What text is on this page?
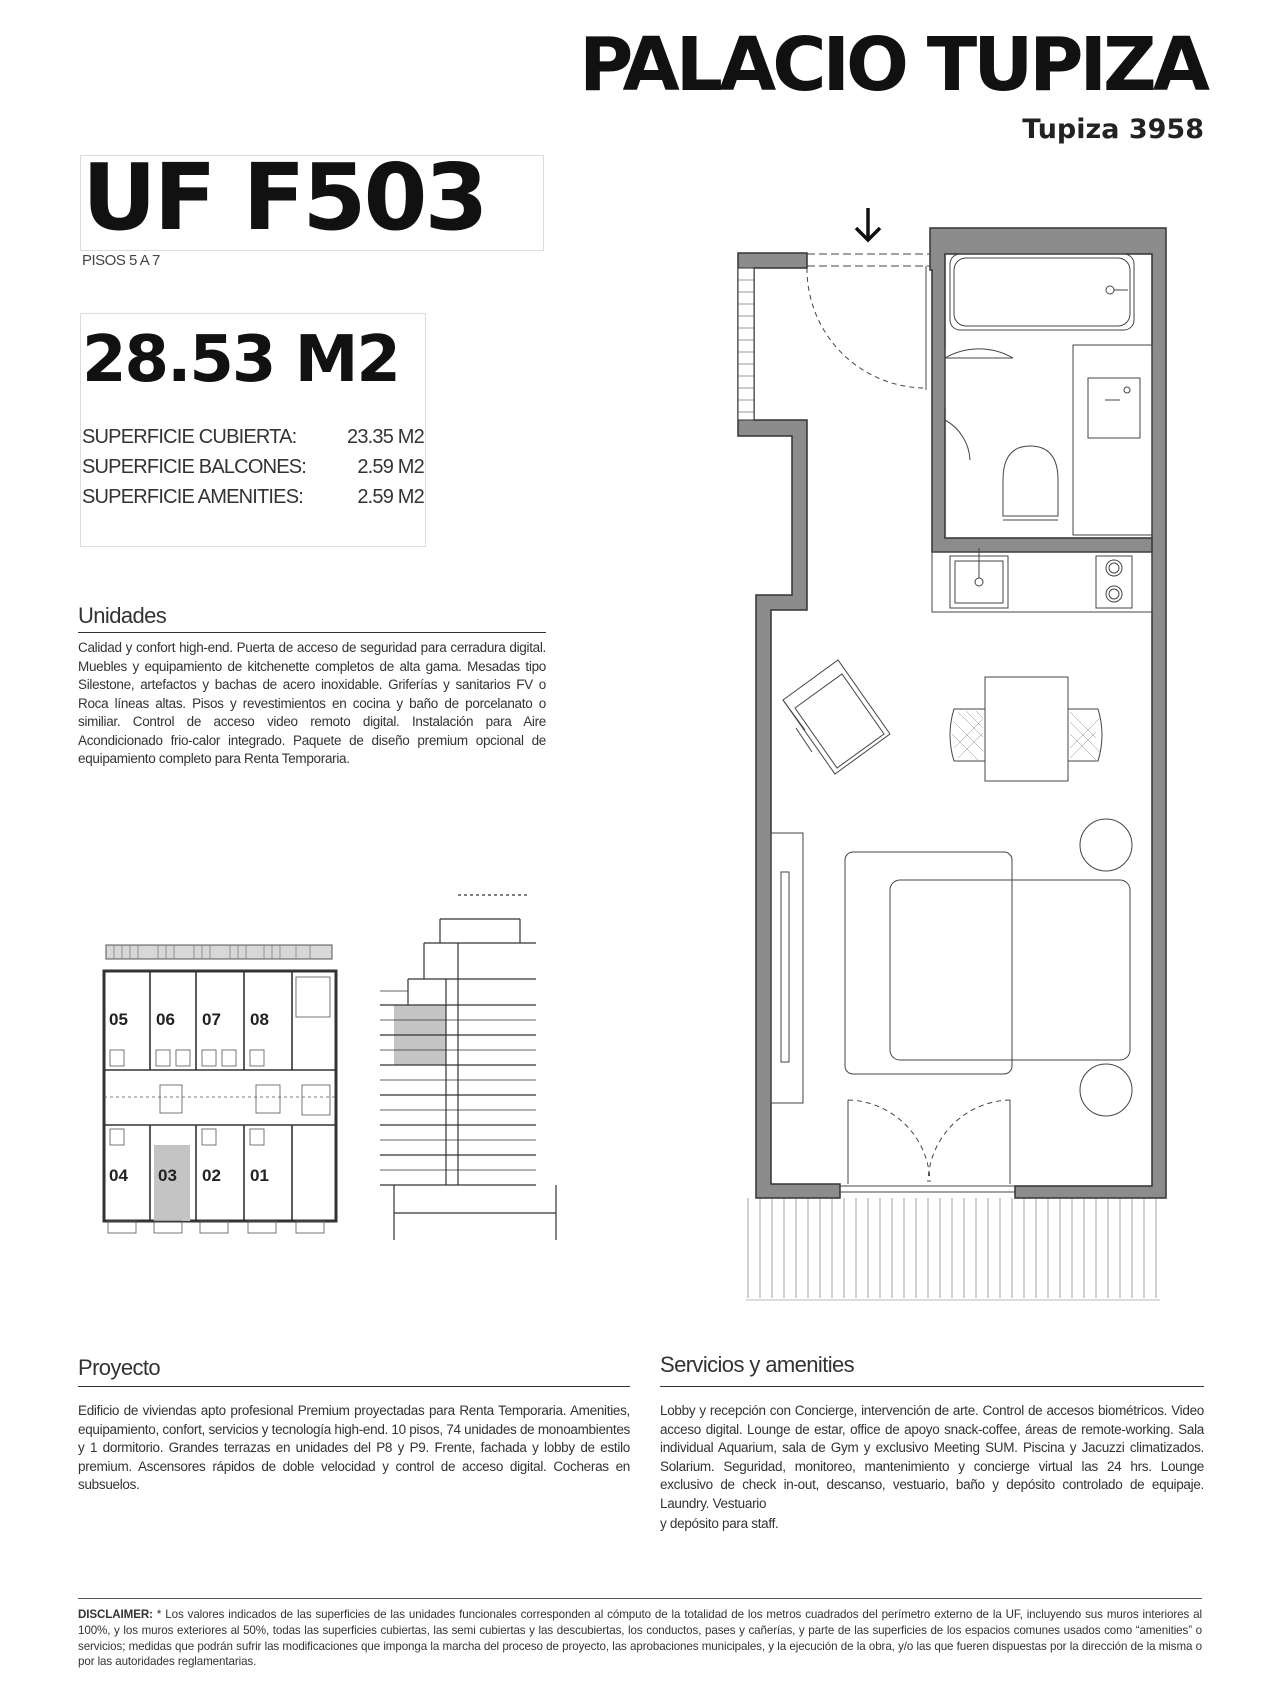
PALACIO TUPIZA
Tupiza 3958
UF F503
PISOS 5 A 7
28.53 M2
SUPERFICIE CUBIERTA:	23.35 M2
SUPERFICIE BALCONES:	2.59 M2
SUPERFICIE AMENITIES:	2.59 M2
Unidades
Calidad y confort high-end. Puerta de acceso de seguridad para cerradura digital. Muebles y equipamiento de kitchenette completos de alta gama. Mesadas tipo Silestone, artefactos y bachas de acero inoxidable. Griferías y sanitarios FV o Roca líneas altas. Pisos y revestimientos en cocina y baño de porcelanato o similiar. Control de acceso video remoto digital. Instalación para Aire Acondicionado frio-calor integrado. Paquete de diseño premium opcional de equipamiento completo para Renta Temporaria.
05 06 07 08
04 03 02 01
Proyecto
Edificio de viviendas apto profesional Premium proyectadas para Renta Temporaria. Amenities, equipamiento, confort, servicios y tecnología high-end. 10 pisos, 74 unidades de monoambientes y 1 dormitorio. Grandes terrazas en unidades del P8 y P9. Frente, fachada y lobby de estilo premium. Ascensores rápidos de doble velocidad y control de acceso digital. Cocheras en subsuelos.
Servicios y amenities
Lobby y recepción con Concierge, intervención de arte. Control de accesos biométricos. Video acceso digital. Lounge de estar, office de apoyo snack-coffee, áreas de remote-working. Sala individual Aquarium, sala de Gym y exclusivo Meeting SUM. Piscina y Jacuzzi climatizados. Solarium. Seguridad, monitoreo, mantenimiento y concierge virtual las 24 hrs. Lounge exclusivo de check in-out, descanso, vestuario, baño y depósito controlado de equipaje. Laundry. Vestuario
y depósito para staff.
DISCLAIMER: * Los valores indicados de las superficies de las unidades funcionales corresponden al cómputo de la totalidad de los metros cuadrados del perímetro externo de la UF, incluyendo sus muros interiores al 100%, y los muros exteriores al 50%, todas las superficies cubiertas, las semi cubiertas y las descubiertas, los conductos, pases y cañerías, y parte de las superficies de los espacios comunes usados como “amenities” o servicios; medidas que podrán sufrir las modificaciones que imponga la marcha del proceso de proyecto, las aprobaciones municipales, y la ejecución de la obra, y/o las que fueren dispuestas por la dirección de la misma o por las autoridades reglamentarias.
